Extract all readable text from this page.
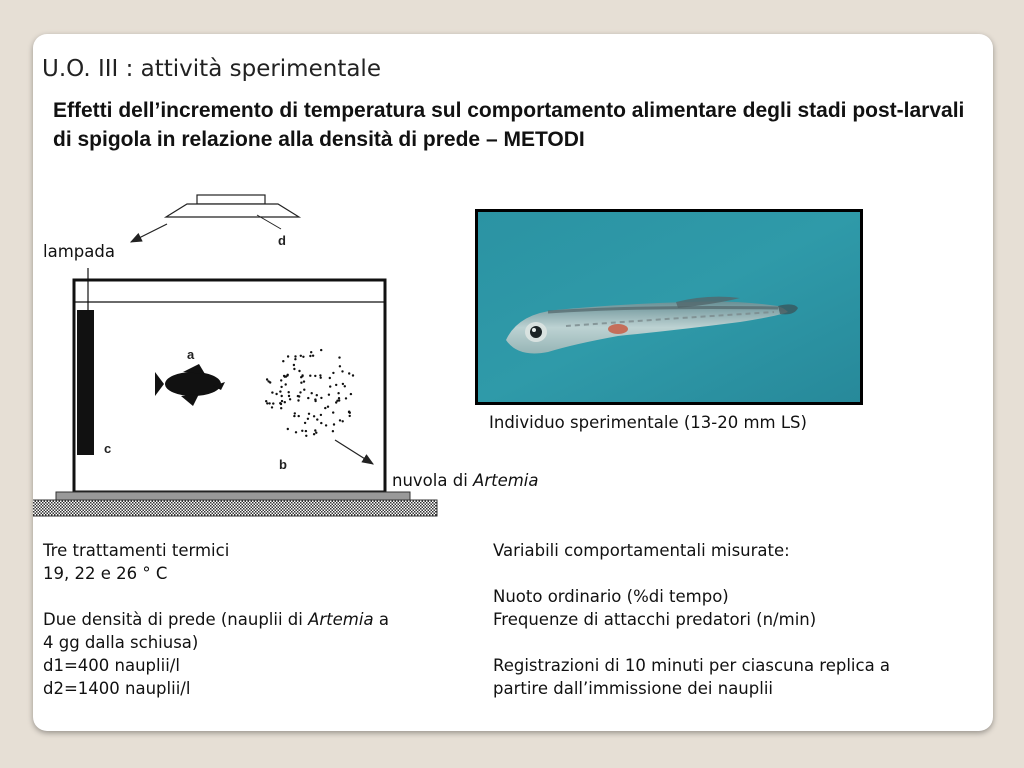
U.O. III : attività sperimentale
Effetti dell’incremento di temperatura sul comportamento alimentare degli stadi post-larvali di spigola in relazione alla densità di prede – METODI
lampada
d
a
b
c
nuvola di Artemia
Individuo sperimentale (13-20 mm LS)
Tre trattamenti termici
19, 22 e 26 ° C
Due densità di prede (nauplii di Artemia a
4 gg dalla schiusa)
d1=400 nauplii/l
d2=1400 nauplii/l
Variabili comportamentali misurate:
Nuoto ordinario (%di tempo)
Frequenze di attacchi predatori (n/min)
Registrazioni di 10 minuti per ciascuna replica a
partire dall’immissione dei nauplii
